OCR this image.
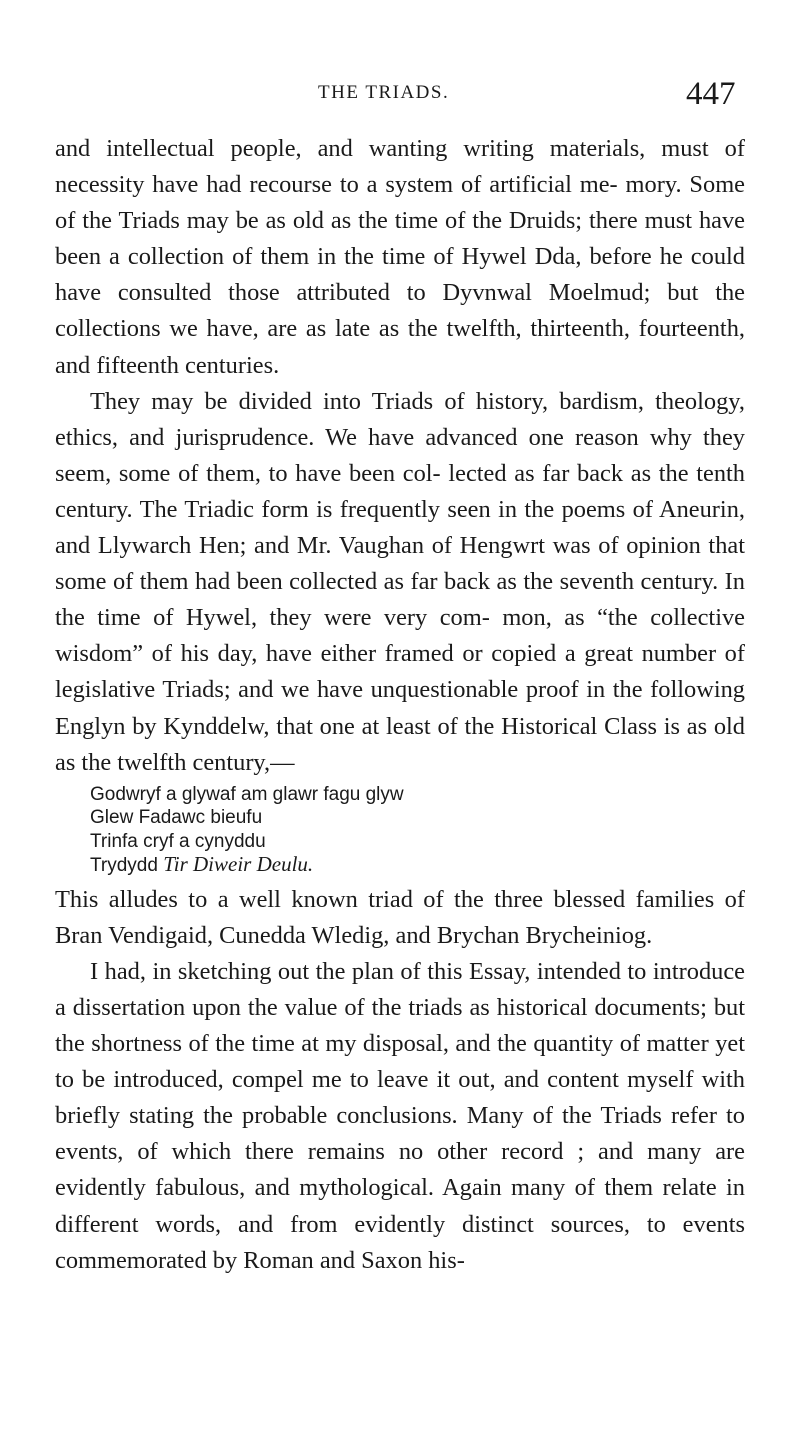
THE TRIADS.	447

and intellectual people, and wanting writing materials, must of necessity have had recourse to a system of artificial me- mory. Some of the Triads may be as old as the time of the Druids; there must have been a collection of them in the time of Hywel Dda, before he could have consulted those attributed to Dyvnwal Moelmud; but the collections we have, are as late as the twelfth, thirteenth, fourteenth, and fifteenth centuries.

They may be divided into Triads of history, bardism, theology, ethics, and jurisprudence. We have advanced one reason why they seem, some of them, to have been col- lected as far back as the tenth century. The Triadic form is frequently seen in the poems of Aneurin, and Llywarch Hen; and Mr. Vaughan of Hengwrt was of opinion that some of them had been collected as far back as the seventh century. In the time of Hywel, they were very com- mon, as “the collective wisdom” of his day, have either framed or copied a great number of legislative Triads; and we have unquestionable proof in the following Englyn by Kynddelw, that one at least of the Historical Class is as old as the twelfth century,—

Godwryf a glywaf am glawr fagu glyw
Glew Fadawc bieufu
Trinfa cryf a cynyddu
Trydydd Tir Diweir Deulu.

This alludes to a well known triad of the three blessed families of Bran Vendigaid, Cunedda Wledig, and Brychan Brycheiniog.

I had, in sketching out the plan of this Essay, intended to introduce a dissertation upon the value of the triads as historical documents; but the shortness of the time at my disposal, and the quantity of matter yet to be introduced, compel me to leave it out, and content myself with briefly stating the probable conclusions. Many of the Triads refer to events, of which there remains no other record ; and many are evidently fabulous, and mythological. Again many of them relate in different words, and from evidently distinct sources, to events commemorated by Roman and Saxon his-
